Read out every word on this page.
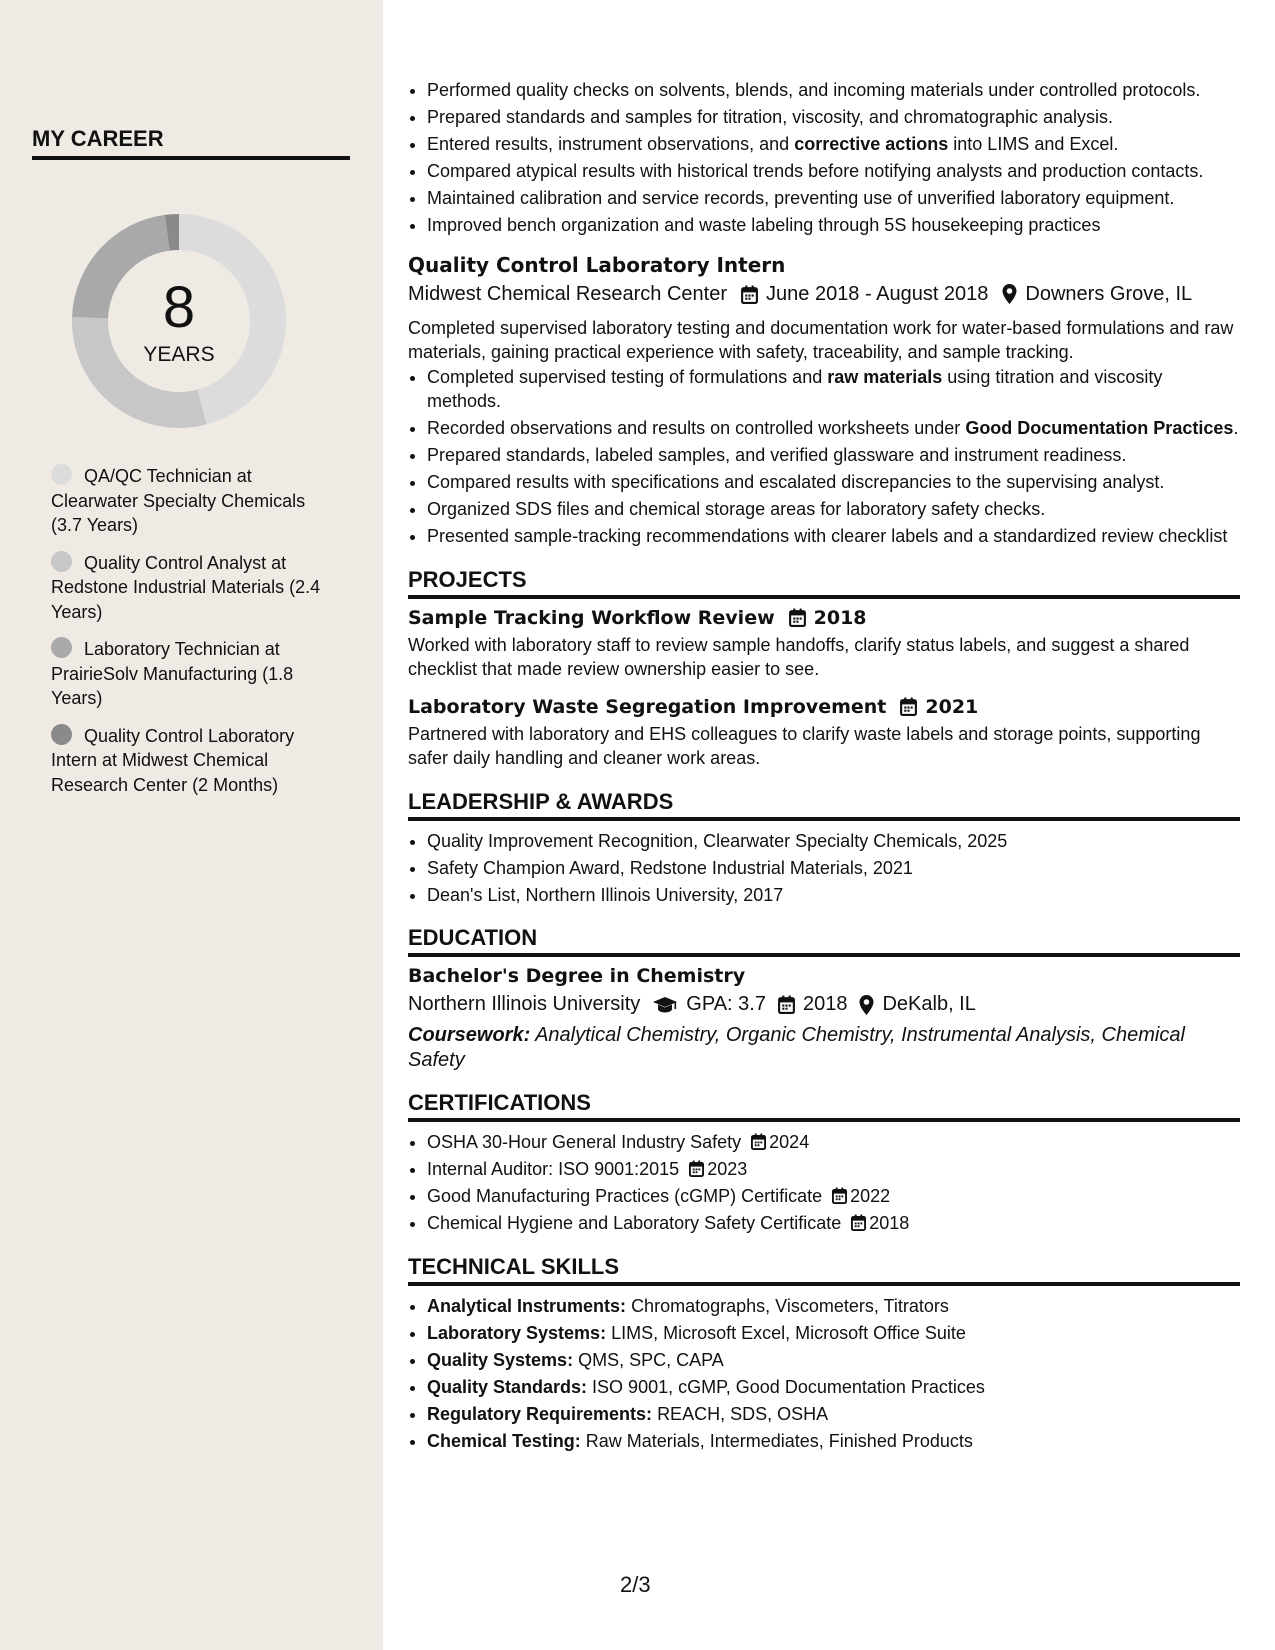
MY CAREER
8
YEARS
QA/QC Technician at Clearwater Specialty Chemicals (3.7 Years)
Quality Control Analyst at Redstone Industrial Materials (2.4 Years)
Laboratory Technician at PrairieSolv Manufacturing (1.8 Years)
Quality Control Laboratory Intern at Midwest Chemical Research Center (2 Months)
• Performed quality checks on solvents, blends, and incoming materials under controlled protocols.
• Prepared standards and samples for titration, viscosity, and chromatographic analysis.
• Entered results, instrument observations, and corrective actions into LIMS and Excel.
• Compared atypical results with historical trends before notifying analysts and production contacts.
• Maintained calibration and service records, preventing use of unverified laboratory equipment.
• Improved bench organization and waste labeling through 5S housekeeping practices
Quality Control Laboratory Intern
Midwest Chemical Research Center June 2018 - August 2018 Downers Grove, IL

Completed supervised laboratory testing and documentation work for water-based formulations and raw materials, gaining practical experience with safety, traceability, and sample tracking.

• Completed supervised testing of formulations and raw materials using titration and viscosity methods.
• Recorded observations and results on controlled worksheets under Good Documentation Practices.
• Prepared standards, labeled samples, and verified glassware and instrument readiness.
• Compared results with specifications and escalated discrepancies to the supervising analyst.
• Organized SDS files and chemical storage areas for laboratory safety checks.
• Presented sample-tracking recommendations with clearer labels and a standardized review checklist
PROJECTS
Sample Tracking Workflow Review 2018

Worked with laboratory staff to review sample handoffs, clarify status labels, and suggest a shared checklist that made review ownership easier to see.

Laboratory Waste Segregation Improvement 2021

Partnered with laboratory and EHS colleagues to clarify waste labels and storage points, supporting safer daily handling and cleaner work areas.

LEADERSHIP & AWARDS
• Quality Improvement Recognition, Clearwater Specialty Chemicals, 2025
• Safety Champion Award, Redstone Industrial Materials, 2021
• Dean's List, Northern Illinois University, 2017
EDUCATION
Bachelor's Degree in Chemistry
Northern Illinois University GPA: 3.7 2018 DeKalb, IL

Coursework: Analytical Chemistry, Organic Chemistry, Instrumental Analysis, Chemical Safety

CERTIFICATIONS
• OSHA 30-Hour General Industry Safety 2024
• Internal Auditor: ISO 9001:2015 2023
• Good Manufacturing Practices (cGMP) Certificate 2022
• Chemical Hygiene and Laboratory Safety Certificate 2018
TECHNICAL SKILLS
• Analytical Instruments: Chromatographs, Viscometers, Titrators
• Laboratory Systems: LIMS, Microsoft Excel, Microsoft Office Suite
• Quality Systems: QMS, SPC, CAPA
• Quality Standards: ISO 9001, cGMP, Good Documentation Practices
• Regulatory Requirements: REACH, SDS, OSHA
• Chemical Testing: Raw Materials, Intermediates, Finished Products
2/3
